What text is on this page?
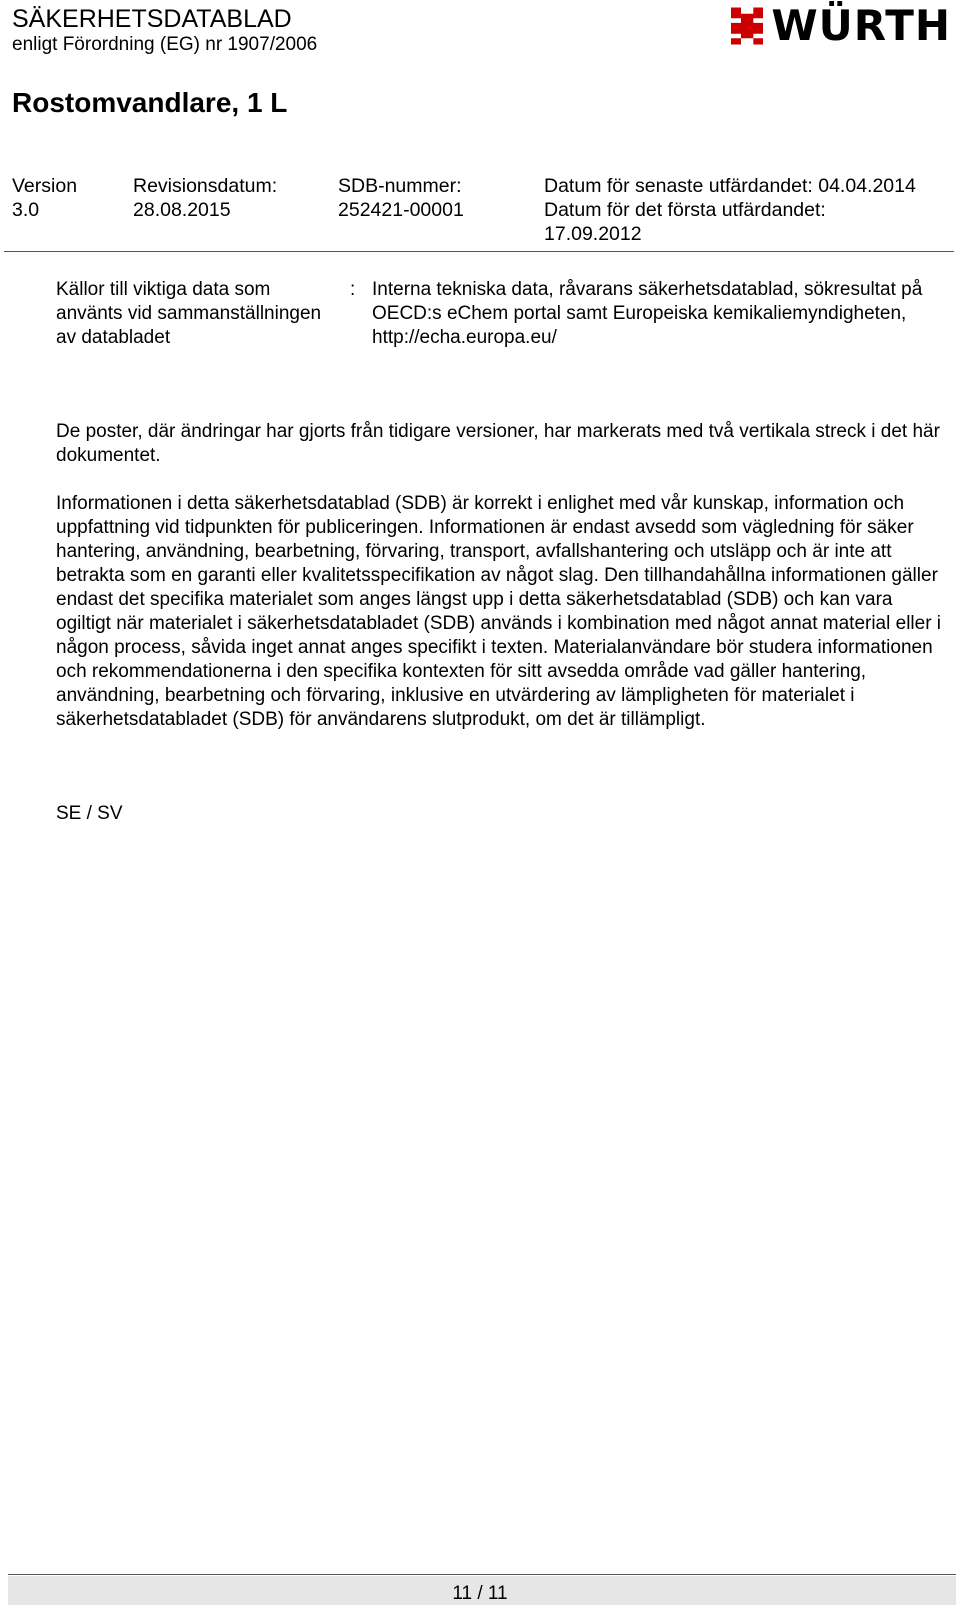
SÄKERHETSDATABLAD
enligt Förordning (EG) nr 1907/2006	WÜRTH
Rostomvandlare, 1 L
Version
3.0
Revisionsdatum:
28.08.2015
SDB-nummer:
252421-00001
Datum för senaste utfärdandet: 04.04.2014
Datum för det första utfärdandet:
17.09.2012
Källor till viktiga data som använts vid sammanställningen av databladet
: Interna tekniska data, råvarans säkerhetsdatablad, sökresultat på OECD:s eChem portal samt Europeiska kemikaliemyndigheten, http://echa.europa.eu/

De poster, där ändringar har gjorts från tidigare versioner, har markerats med två vertikala streck i det här dokumentet.

Informationen i detta säkerhetsdatablad (SDB) är korrekt i enlighet med vår kunskap, information och uppfattning vid tidpunkten för publiceringen. Informationen är endast avsedd som vägledning för säker hantering, användning, bearbetning, förvaring, transport, avfallshantering och utsläpp och är inte att betrakta som en garanti eller kvalitetsspecifikation av något slag. Den tillhandahållna informationen gäller endast det specifika materialet som anges längst upp i detta säkerhetsdatablad (SDB) och kan vara ogiltigt när materialet i säkerhetsdatabladet (SDB) används i kombination med något annat material eller i någon process, såvida inget annat anges specifikt i texten. Materialanvändare bör studera informationen och rekommendationerna i den specifika kontexten för sitt avsedda område vad gäller hantering, användning, bearbetning och förvaring, inklusive en utvärdering av lämpligheten för materialet i säkerhetsdatabladet (SDB) för användarens slutprodukt, om det är tillämpligt.

SE / SV

11 / 11
